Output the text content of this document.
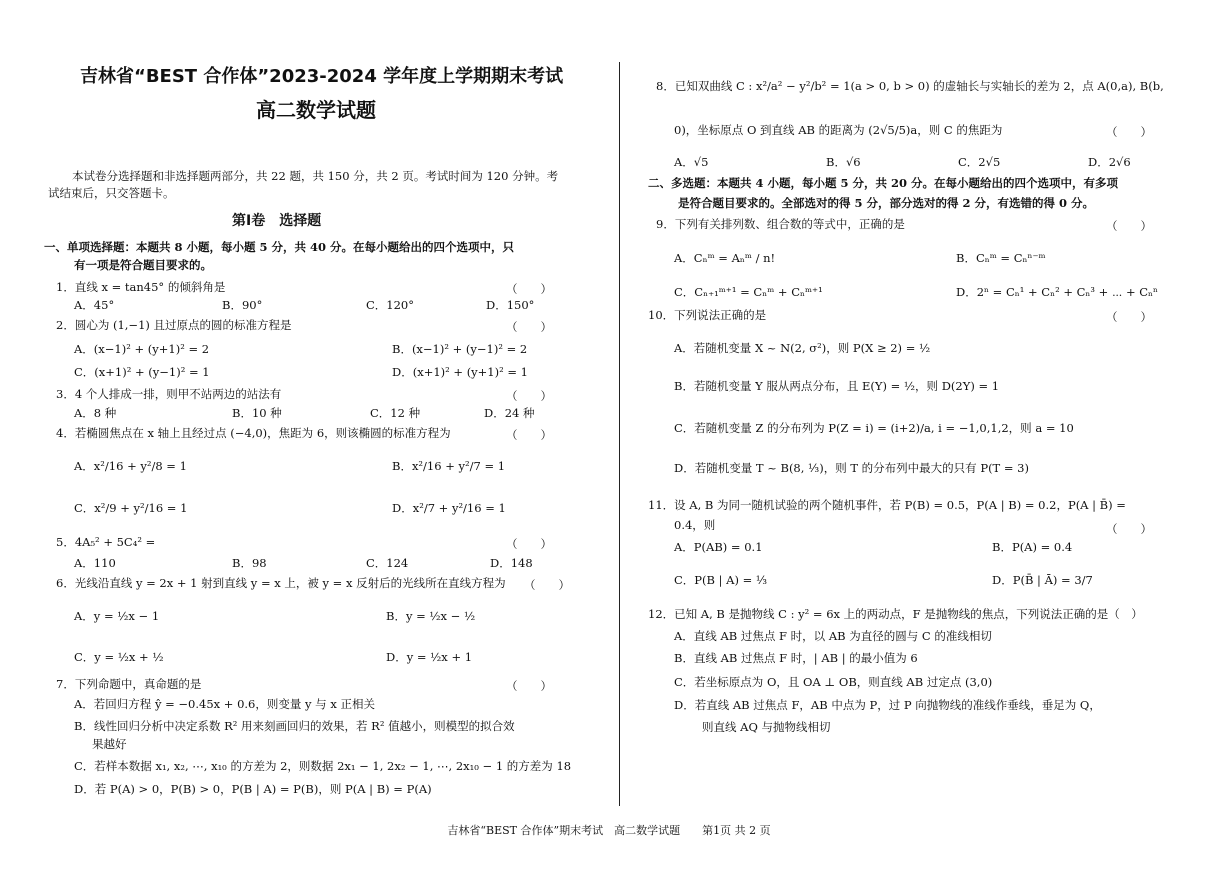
吉林省“BEST 合作体”2023-2024 学年度上学期期末考试
高二数学试题
本试卷分选择题和非选择题两部分，共 22 题，共 150 分，共 2 页。考试时间为 120 分钟。考
试结束后，只交答题卡。
第Ⅰ卷　选择题
一、单项选择题：本题共 8 小题，每小题 5 分，共 40 分。在每小题给出的四个选项中，只
有一项是符合题目要求的。
1．直线 x = tan45° 的倾斜角是	（　　）
A．45°	B．90°	C．120°	D．150°
2．圆心为 (1,−1) 且过原点的圆的标准方程是	（　　）
A．(x−1)² + (y+1)² = 2	B．(x−1)² + (y−1)² = 2
C．(x+1)² + (y−1)² = 1	D．(x+1)² + (y+1)² = 1
3．4 个人排成一排，则甲不站两边的站法有	（　　）
A．8 种	B．10 种	C．12 种	D．24 种
4．若椭圆焦点在 x 轴上且经过点 (−4,0)，焦距为 6，则该椭圆的标准方程为	（　　）
A．x²/16 + y²/8 = 1	B．x²/16 + y²/7 = 1
C．x²/9 + y²/16 = 1	D．x²/7 + y²/16 = 1
5．4A₅² + 5C₄² =	（　　）
A．110	B．98	C．124	D．148
6．光线沿直线 y = 2x + 1 射到直线 y = x 上，被 y = x 反射后的光线所在直线方程为 （　　）
A．y = ½x − 1	B．y = ½x − ½
C．y = ½x + ½	D．y = ½x + 1
7．下列命题中，真命题的是	（　　）
A．若回归方程 ŷ = −0.45x + 0.6，则变量 y 与 x 正相关
B．线性回归分析中决定系数 R² 用来刻画回归的效果，若 R² 值越小，则模型的拟合效
果越好
C．若样本数据 x₁, x₂, ⋯, x₁₀ 的方差为 2，则数据 2x₁ − 1, 2x₂ − 1, ⋯, 2x₁₀ − 1 的方差为 18
D．若 P(A) > 0，P(B) > 0，P(B | A) = P(B)，则 P(A | B) = P(A)
8．已知双曲线 C : x²/a² − y²/b² = 1(a > 0, b > 0) 的虚轴长与实轴长的差为 2，点 A(0,a), B(b,
0)，坐标原点 O 到直线 AB 的距离为 (2√5/5)a，则 C 的焦距为	（　　）
A．√5	B．√6	C．2√5	D．2√6
二、多选题：本题共 4 小题，每小题 5 分，共 20 分。在每小题给出的四个选项中，有多项
是符合题目要求的。全部选对的得 5 分，部分选对的得 2 分，有选错的得 0 分。
9．下列有关排列数、组合数的等式中，正确的是	（　　）
A．Cₙᵐ = Aₙᵐ / n!	B．Cₙᵐ = Cₙⁿ⁻ᵐ
C．Cₙ₊₁ᵐ⁺¹ = Cₙᵐ + Cₙᵐ⁺¹	D．2ⁿ = Cₙ¹ + Cₙ² + Cₙ³ + ⋯ + Cₙⁿ
10．下列说法正确的是	（　　）
A．若随机变量 X ~ N(2, σ²)，则 P(X ≥ 2) = ½
B．若随机变量 Y 服从两点分布，且 E(Y) = ½，则 D(2Y) = 1
C．若随机变量 Z 的分布列为 P(Z = i) = (i+2)/a, i = −1,0,1,2，则 a = 10
D．若随机变量 T ~ B(8, ⅓)，则 T 的分布列中最大的只有 P(T = 3)
11．设 A, B 为同一随机试验的两个随机事件，若 P(B) = 0.5，P(A | B) = 0.2，P(A | B̄) =
0.4，则	（　　）
A．P(AB) = 0.1	B．P(A) = 0.4
C．P(B | A) = ⅓	D．P(B̄ | Ā) = 3/7
12．已知 A, B 是抛物线 C : y² = 6x 上的两动点，F 是抛物线的焦点，下列说法正确的是（　）
A．直线 AB 过焦点 F 时，以 AB 为直径的圆与 C 的准线相切
B．直线 AB 过焦点 F 时，| AB | 的最小值为 6
C．若坐标原点为 O，且 OA ⊥ OB，则直线 AB 过定点 (3,0)
D．若直线 AB 过焦点 F，AB 中点为 P，过 P 向抛物线的准线作垂线，垂足为 Q，
则直线 AQ 与抛物线相切
吉林省“BEST 合作体”期末考试　高二数学试题　　第1页 共 2 页
